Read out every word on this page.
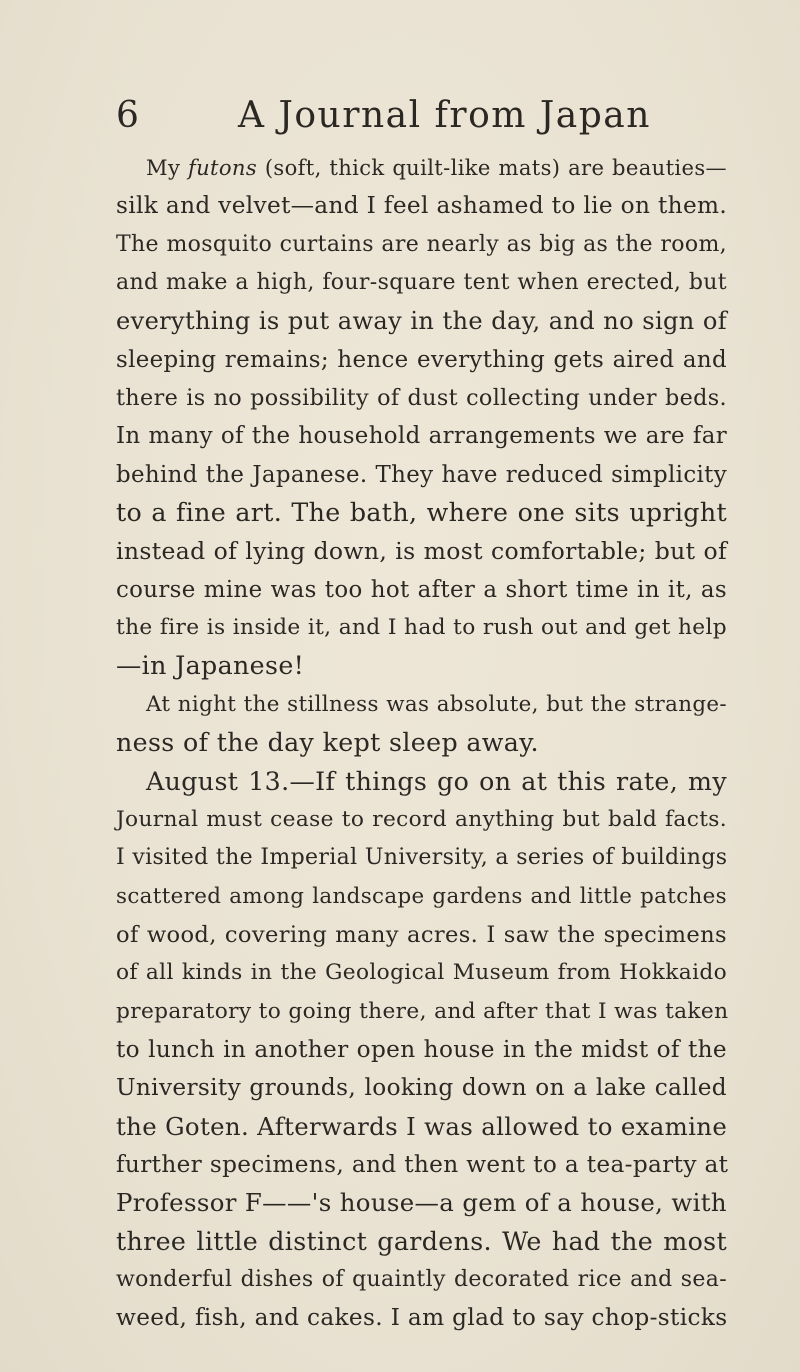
6	A Journal from Japan
My futons (soft, thick quilt-like mats) are beauties—
silk and velvet—and I feel ashamed to lie on them.
The mosquito curtains are nearly as big as the room,
and make a high, four-square tent when erected, but
everything is put away in the day, and no sign of
sleeping remains; hence everything gets aired and
there is no possibility of dust collecting under beds.
In many of the household arrangements we are far
behind the Japanese. They have reduced simplicity
to a fine art. The bath, where one sits upright
instead of lying down, is most comfortable; but of
course mine was too hot after a short time in it, as
the fire is inside it, and I had to rush out and get help
—in Japanese!
At night the stillness was absolute, but the strange-
ness of the day kept sleep away.
August 13.—If things go on at this rate, my
Journal must cease to record anything but bald facts.
I visited the Imperial University, a series of buildings
scattered among landscape gardens and little patches
of wood, covering many acres. I saw the specimens
of all kinds in the Geological Museum from Hokkaido
preparatory to going there, and after that I was taken
to lunch in another open house in the midst of the
University grounds, looking down on a lake called
the Goten. Afterwards I was allowed to examine
further specimens, and then went to a tea-party at
Professor F——'s house—a gem of a house, with
three little distinct gardens. We had the most
wonderful dishes of quaintly decorated rice and sea-
weed, fish, and cakes. I am glad to say chop-sticks
